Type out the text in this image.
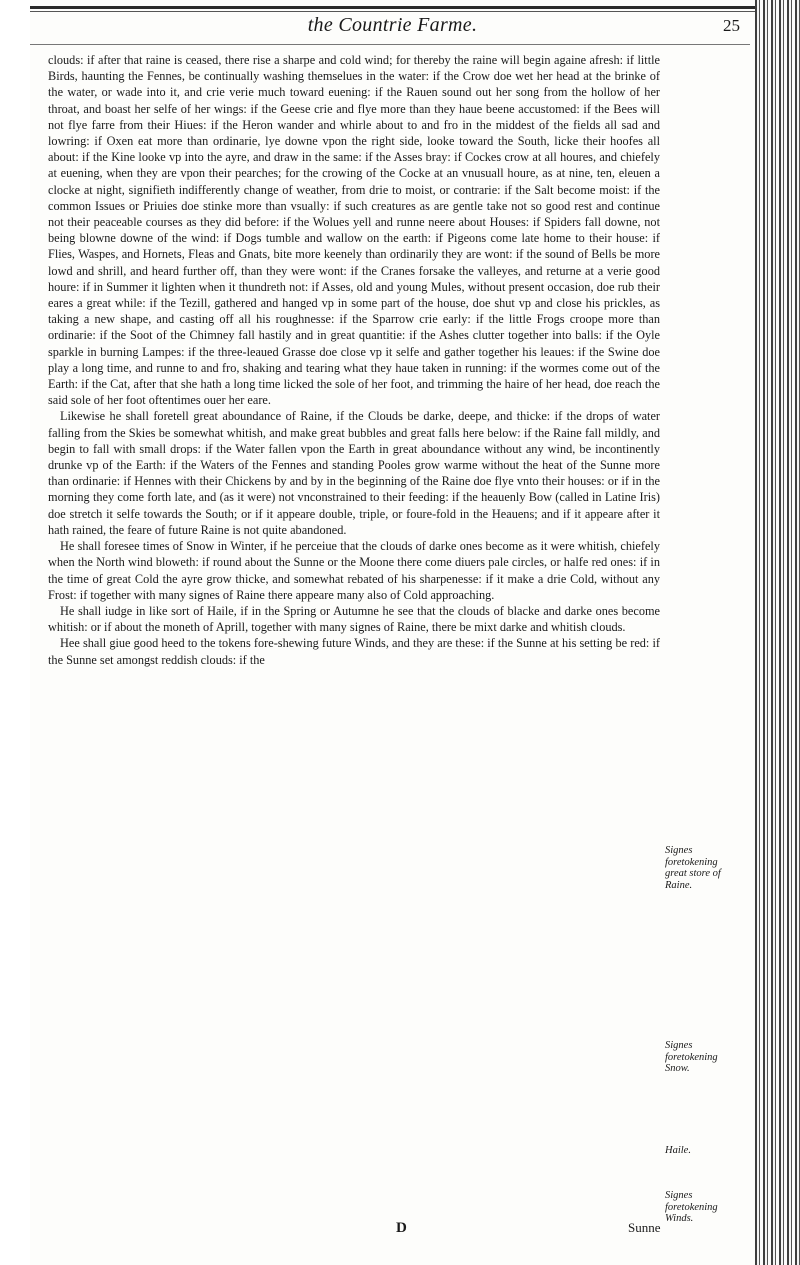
the Countrie Farme.	25

clouds: if after that raine is ceased, there rise a sharpe and cold wind; for thereby the raine will begin againe afresh: if little Birds, haunting the Fennes, be continually washing themselues in the water: if the Crow doe wet her head at the brinke of the water, or wade into it, and crie verie much toward euening: if the Rauen sound out her song from the hollow of her throat, and boast her selfe of her wings: if the Geese crie and flye more than they haue beene accustomed: if the Bees will not flye farre from their Hiues: if the Heron wander and whirle about to and fro in the middest of the fields all sad and lowring: if Oxen eat more than ordinarie, lye downe vpon the right side, looke toward the South, licke their hoofes all about: if the Kine looke vp into the ayre, and draw in the same: if the Asses bray: if Cockes crow at all houres, and chiefely at euening, when they are vpon their pearches; for the crowing of the Cocke at an vnusuall houre, as at nine, ten, eleuen a clocke at night, signifieth indifferently change of weather, from drie to moist, or contrarie: if the Salt become moist: if the common Issues or Priuies doe stinke more than vsually: if such creatures as are gentle take not so good rest and continue not their peaceable courses as they did before: if the Wolues yell and runne neere about Houses: if Spiders fall downe, not being blowne downe of the wind: if Dogs tumble and wallow on the earth: if Pigeons come late home to their house: if Flies, Waspes, and Hornets, Fleas and Gnats, bite more keenely than ordinarily they are wont: if the sound of Bells be more lowd and shrill, and heard further off, than they were wont: if the Cranes forsake the valleyes, and returne at a verie good houre: if in Summer it lighten when it thundreth not: if Asses, old and young Mules, without present occasion, doe rub their eares a great while: if the Tezill, gathered and hanged vp in some part of the house, doe shut vp and close his prickles, as taking a new shape, and casting off all his roughnesse: if the Sparrow crie early: if the little Frogs croope more than ordinarie: if the Soot of the Chimney fall hastily and in great quantitie: if the Ashes clutter together into balls: if the Oyle sparkle in burning Lampes: if the three-leaued Grasse doe close vp it selfe and gather together his leaues: if the Swine doe play a long time, and runne to and fro, shaking and tearing what they haue taken in running: if the wormes come out of the Earth: if the Cat, after that she hath a long time licked the sole of her foot, and trimming the haire of her head, doe reach the said sole of her foot oftentimes ouer her eare.

Likewise he shall foretell great aboundance of Raine, if the Clouds be darke, deepe, and thicke: if the drops of water falling from the Skies be somewhat whitish, and make great bubbles and great falls here below: if the Raine fall mildly, and begin to fall with small drops: if the Water fallen vpon the Earth in great aboundance without any wind, be incontinently drunke vp of the Earth: if the Waters of the Fennes and standing Pooles grow warme without the heat of the Sunne more than ordinarie: if Hennes with their Chickens by and by in the beginning of the Raine doe flye vnto their houses: or if in the morning they come forth late, and (as it were) not vnconstrained to their feeding: if the heauenly Bow (called in Latine Iris) doe stretch it selfe towards the South; or if it appeare double, triple, or foure-fold in the Heauens; and if it appeare after it hath rained, the feare of future Raine is not quite abandoned.

He shall foresee times of Snow in Winter, if he perceiue that the clouds of darke ones become as it were whitish, chiefely when the North wind bloweth: if round about the Sunne or the Moone there come diuers pale circles, or halfe red ones: if in the time of great Cold the ayre grow thicke, and somewhat rebated of his sharpenesse: if it make a drie Cold, without any Frost: if together with many signes of Raine there appeare many also of Cold approaching.

He shall iudge in like sort of Haile, if in the Spring or Autumne he see that the clouds of blacke and darke ones become whitish: or if about the moneth of Aprill, together with many signes of Raine, there be mixt darke and whitish clouds.

Hee shall giue good heed to the tokens fore-shewing future Winds, and they are these: if the Sunne at his setting be red: if the Sunne set amongst reddish clouds: if the

Signes foretokening great store of Raine.
Signes foretokening Snow.
Haile.
Signes foretokening Winds.
D	Sunne
